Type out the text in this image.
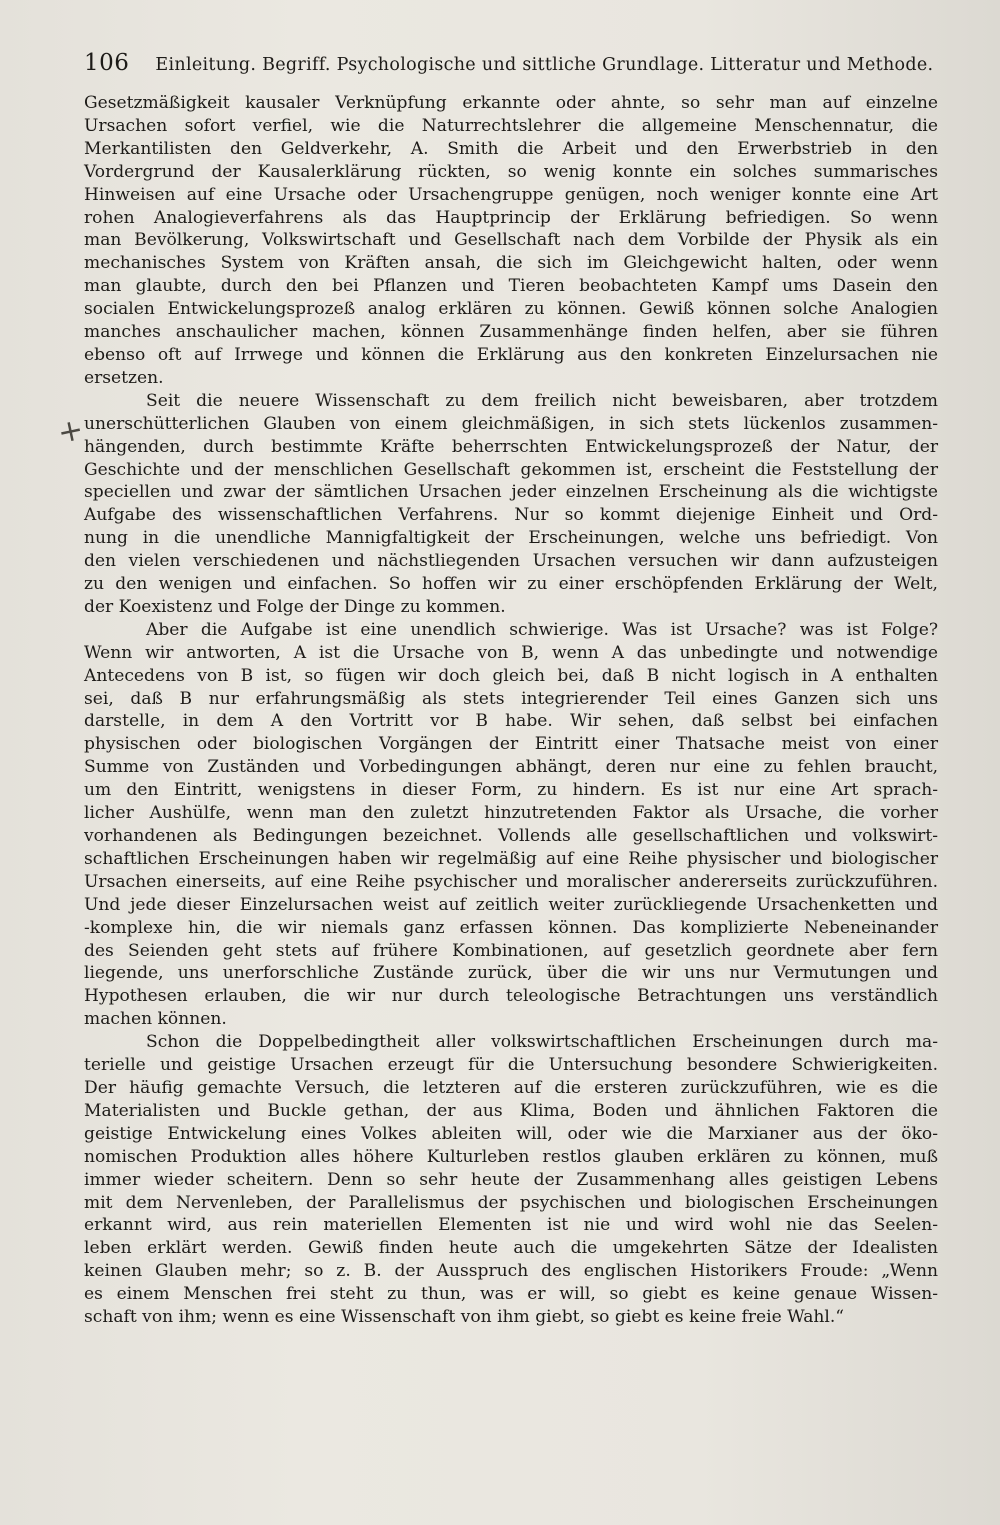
106 Einleitung. Begriff. Psychologische und sittliche Grundlage. Litteratur und Methode.
Gesetzmäßigkeit kausaler Verknüpfung erkannte oder ahnte, so sehr man auf einzelne
Ursachen sofort verfiel, wie die Naturrechtslehrer die allgemeine Menschennatur, die
Merkantilisten den Geldverkehr, A. Smith die Arbeit und den Erwerbstrieb in den
Vordergrund der Kausalerklärung rückten, so wenig konnte ein solches summarisches
Hinweisen auf eine Ursache oder Ursachengruppe genügen, noch weniger konnte eine Art
rohen Analogieverfahrens als das Hauptprincip der Erklärung befriedigen. So wenn
man Bevölkerung, Volkswirtschaft und Gesellschaft nach dem Vorbilde der Physik als ein
mechanisches System von Kräften ansah, die sich im Gleichgewicht halten, oder wenn
man glaubte, durch den bei Pflanzen und Tieren beobachteten Kampf ums Dasein den
socialen Entwickelungsprozeß analog erklären zu können. Gewiß können solche Analogien
manches anschaulicher machen, können Zusammenhänge finden helfen, aber sie führen
ebenso oft auf Irrwege und können die Erklärung aus den konkreten Einzelursachen nie
ersetzen.
Seit die neuere Wissenschaft zu dem freilich nicht beweisbaren, aber trotzdem
unerschütterlichen Glauben von einem gleichmäßigen, in sich stets lückenlos zusammen-
hängenden, durch bestimmte Kräfte beherrschten Entwickelungsprozeß der Natur, der
Geschichte und der menschlichen Gesellschaft gekommen ist, erscheint die Feststellung der
speciellen und zwar der sämtlichen Ursachen jeder einzelnen Erscheinung als die wichtigste
Aufgabe des wissenschaftlichen Verfahrens. Nur so kommt diejenige Einheit und Ord-
nung in die unendliche Mannigfaltigkeit der Erscheinungen, welche uns befriedigt. Von
den vielen verschiedenen und nächstliegenden Ursachen versuchen wir dann aufzusteigen
zu den wenigen und einfachen. So hoffen wir zu einer erschöpfenden Erklärung der Welt,
der Koexistenz und Folge der Dinge zu kommen.
Aber die Aufgabe ist eine unendlich schwierige. Was ist Ursache? was ist Folge?
Wenn wir antworten, A ist die Ursache von B, wenn A das unbedingte und notwendige
Antecedens von B ist, so fügen wir doch gleich bei, daß B nicht logisch in A enthalten
sei, daß B nur erfahrungsmäßig als stets integrierender Teil eines Ganzen sich uns
darstelle, in dem A den Vortritt vor B habe. Wir sehen, daß selbst bei einfachen
physischen oder biologischen Vorgängen der Eintritt einer Thatsache meist von einer
Summe von Zuständen und Vorbedingungen abhängt, deren nur eine zu fehlen braucht,
um den Eintritt, wenigstens in dieser Form, zu hindern. Es ist nur eine Art sprach-
licher Aushülfe, wenn man den zuletzt hinzutretenden Faktor als Ursache, die vorher
vorhandenen als Bedingungen bezeichnet. Vollends alle gesellschaftlichen und volkswirt-
schaftlichen Erscheinungen haben wir regelmäßig auf eine Reihe physischer und biologischer
Ursachen einerseits, auf eine Reihe psychischer und moralischer andererseits zurückzuführen.
Und jede dieser Einzelursachen weist auf zeitlich weiter zurückliegende Ursachenketten und
-komplexe hin, die wir niemals ganz erfassen können. Das komplizierte Nebeneinander
des Seienden geht stets auf frühere Kombinationen, auf gesetzlich geordnete aber fern
liegende, uns unerforschliche Zustände zurück, über die wir uns nur Vermutungen und
Hypothesen erlauben, die wir nur durch teleologische Betrachtungen uns verständlich
machen können.
Schon die Doppelbedingtheit aller volkswirtschaftlichen Erscheinungen durch ma-
terielle und geistige Ursachen erzeugt für die Untersuchung besondere Schwierigkeiten.
Der häufig gemachte Versuch, die letzteren auf die ersteren zurückzuführen, wie es die
Materialisten und Buckle gethan, der aus Klima, Boden und ähnlichen Faktoren die
geistige Entwickelung eines Volkes ableiten will, oder wie die Marxianer aus der öko-
nomischen Produktion alles höhere Kulturleben restlos glauben erklären zu können, muß
immer wieder scheitern. Denn so sehr heute der Zusammenhang alles geistigen Lebens
mit dem Nervenleben, der Parallelismus der psychischen und biologischen Erscheinungen
erkannt wird, aus rein materiellen Elementen ist nie und wird wohl nie das Seelen-
leben erklärt werden. Gewiß finden heute auch die umgekehrten Sätze der Idealisten
keinen Glauben mehr; so z. B. der Ausspruch des englischen Historikers Froude: „Wenn
es einem Menschen frei steht zu thun, was er will, so giebt es keine genaue Wissen-
schaft von ihm; wenn es eine Wissenschaft von ihm giebt, so giebt es keine freie Wahl.“
+
